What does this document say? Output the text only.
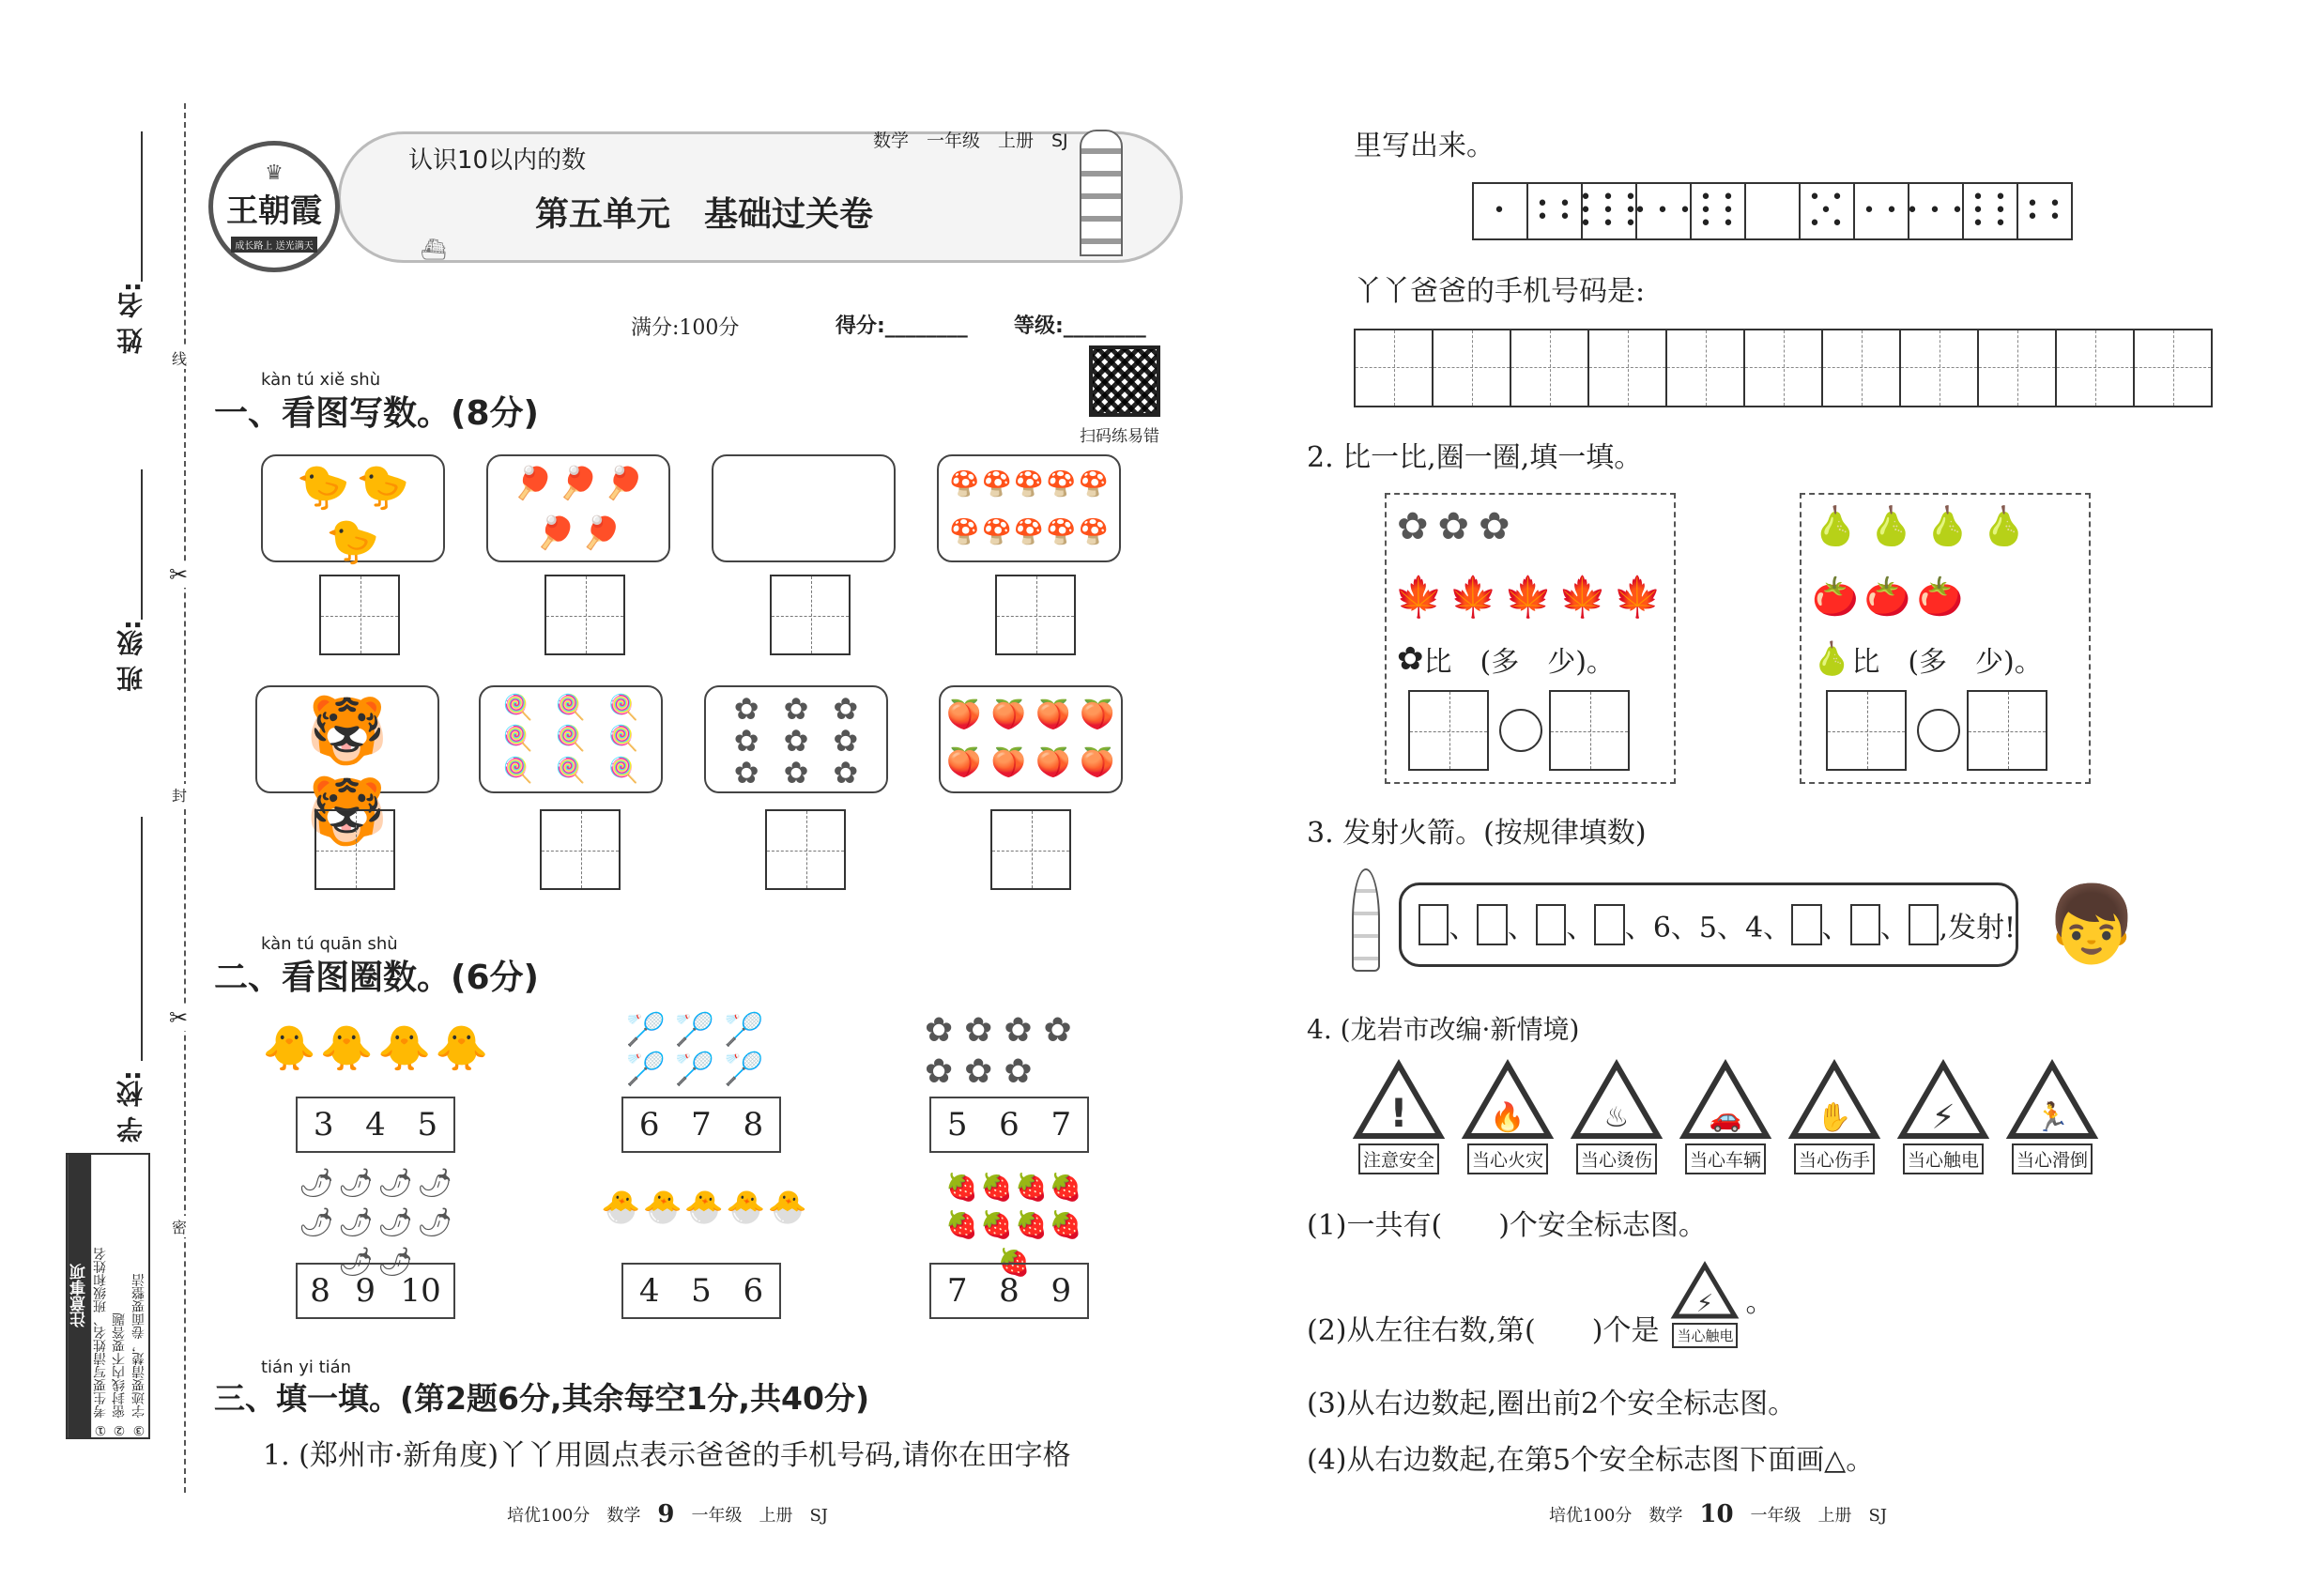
姓 名:
班 级:
学 校:
线
封
密
✂
✂
注意事项 ① 考生要写清姓名、班级和姓名 ② 密封线内不要答题 ③ 字迹要清楚，卷面要整洁
♛
王朝霞
成长路上 送光满天
数学　一年级　上册　SJ
认识10以内的数
第五单元　基础过关卷
⛴
满分:100分	得分:________ 等级:________
扫码练易错
kàn tú xiě shù
一、看图写数。(8分)
🐤 🐤
🐤
🏓 🏓 🏓
🏓 🏓
🍄 🍄 🍄 🍄 🍄
🍄 🍄 🍄 🍄 🍄
🐯
🐯
🍭 🍭 🍭
🍭 🍭 🍭
🍭 🍭 🍭
✿ ✿ ✿
✿ ✿ ✿
✿ ✿ ✿
🍑 🍑 🍑 🍑
🍑 🍑 🍑 🍑
kàn tú quān shù
二、看图圈数。(6分)
🐥 🐥 🐥 🐥
3 4 5
🏸 🏸 🏸
🏸 🏸 🏸
6 7 8
✿ ✿ ✿ ✿
✿ ✿ ✿
5 6 7
🌶 🌶 🌶 🌶
🌶 🌶 🌶 🌶
🌶 🌶
8 9 10
🐣 🐣 🐣 🐣 🐣
4 5 6
🍓 🍓 🍓 🍓
🍓 🍓 🍓 🍓
🍓
7 8 9
tián yi tián
三、填一填。(第2题6分,其余每空1分,共40分)
1. (郑州市·新角度)丫丫用圆点表示爸爸的手机号码,请你在田字格
培优100分　数学 9 一年级　上册　SJ
里写出来。
•	• •
• •
• • •
• • •
• • •
• • •
• •
• •
• •
• •
•
• •
• • • • •
• •
• •
• •
• •
• •
丫丫爸爸的手机号码是:
2. 比一比,圈一圈,填一填。
✿ ✿ ✿
🍁 🍁 🍁 🍁 🍁
✿ 比　(多　少)。
🍐 🍐 🍐 🍐
🍅 🍅 🍅
🍐 比　(多　少)。
3. 发射火箭。(按规律填数)
、 、 、 、 6、5、4、 、 、 ,发射! 👦
4. (龙岩市改编·新情境)
!
注意安全
🔥
当心火灾
♨
当心烫伤
🚗
当心车辆
✋
当心伤手
⚡
当心触电
🏃
当心滑倒
(1)一共有(　　)个安全标志图。
(2)从左往右数,第(　　)个是
⚡
当心触电
。
(3)从右边数起,圈出前2个安全标志图。
(4)从右边数起,在第5个安全标志图下面画△。
培优100分　数学 10 一年级　上册　SJ
